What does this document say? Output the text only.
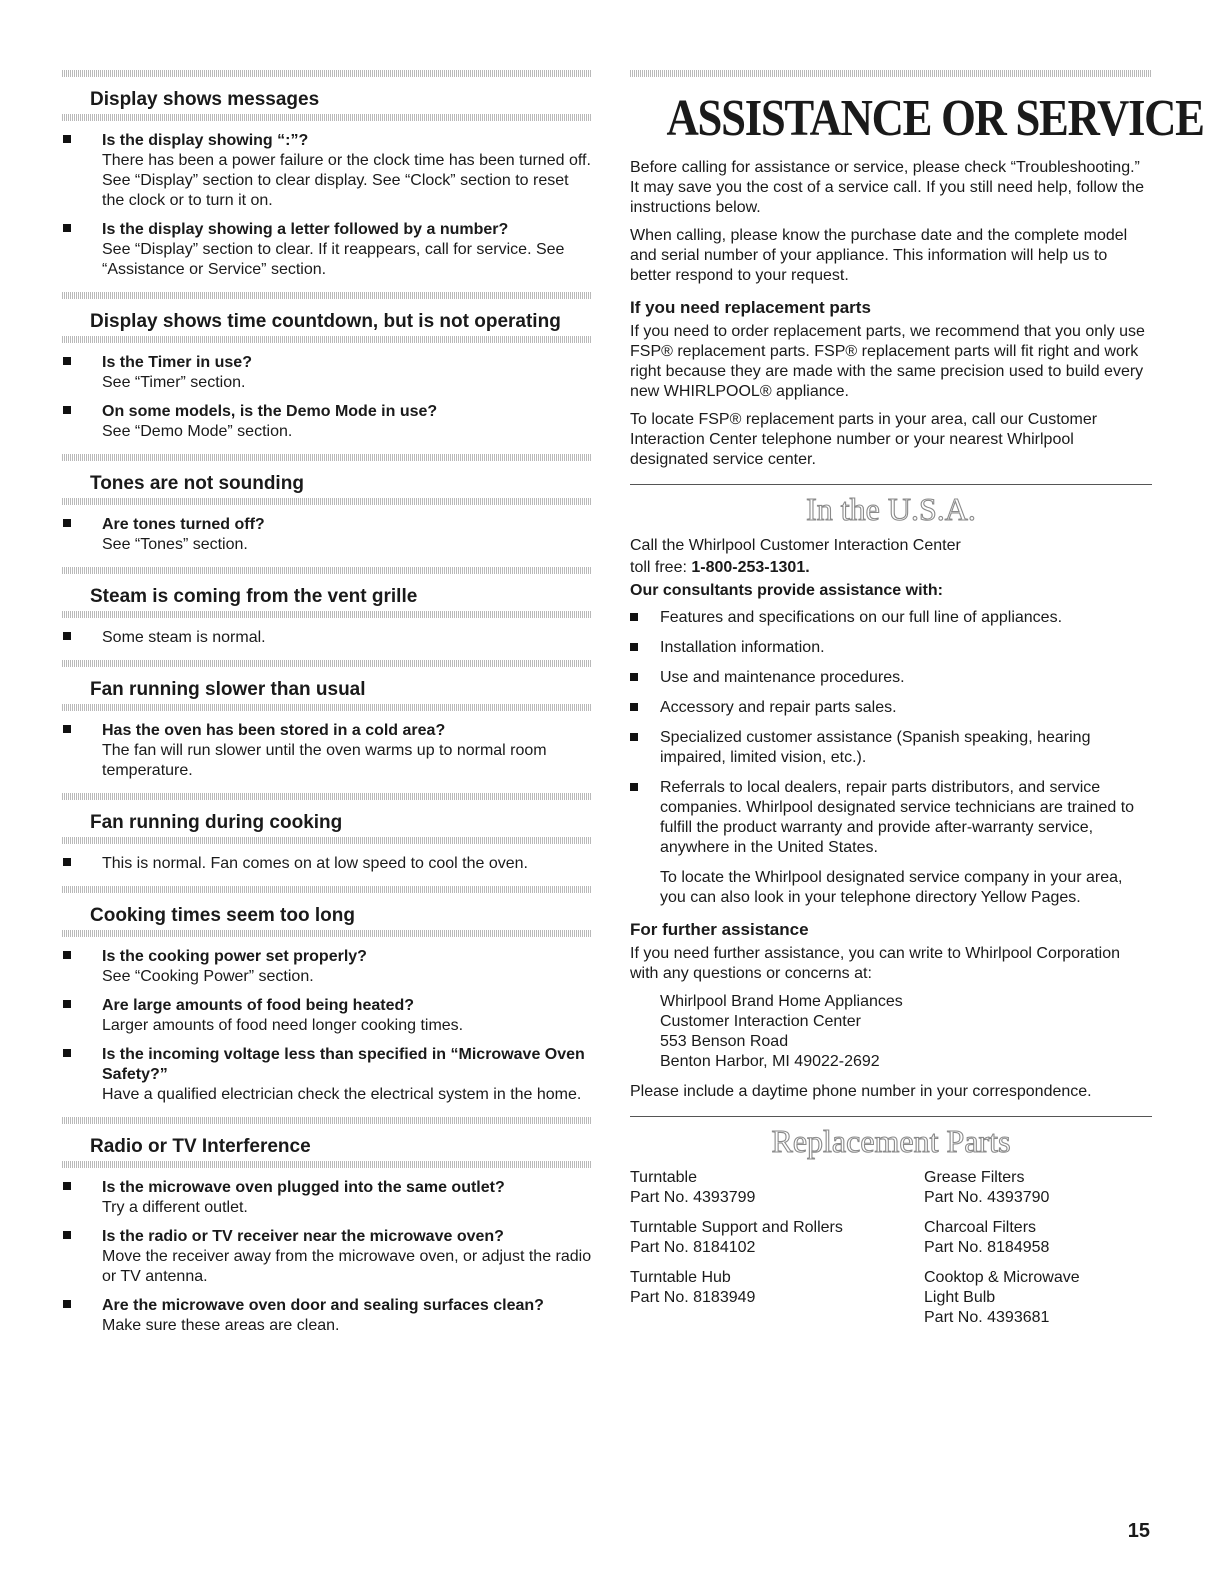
Display shows messages
Is the display showing “:”?
There has been a power failure or the clock time has been turned off. See “Display” section to clear display. See “Clock” section to reset the clock or to turn it on.
Is the display showing a letter followed by a number?
See “Display” section to clear. If it reappears, call for service. See “Assistance or Service” section.
Display shows time countdown, but is not operating
Is the Timer in use?
See “Timer” section.
On some models, is the Demo Mode in use?
See “Demo Mode” section.
Tones are not sounding
Are tones turned off?
See “Tones” section.
Steam is coming from the vent grille
Some steam is normal.
Fan running slower than usual
Has the oven has been stored in a cold area?
The fan will run slower until the oven warms up to normal room temperature.
Fan running during cooking
This is normal. Fan comes on at low speed to cool the oven.
Cooking times seem too long
Is the cooking power set properly?
See “Cooking Power” section.
Are large amounts of food being heated?
Larger amounts of food need longer cooking times.
Is the incoming voltage less than specified in “Microwave Oven Safety?”
Have a qualified electrician check the electrical system in the home.
Radio or TV Interference
Is the microwave oven plugged into the same outlet?
Try a different outlet.
Is the radio or TV receiver near the microwave oven?
Move the receiver away from the microwave oven, or adjust the radio or TV antenna.
Are the microwave oven door and sealing surfaces clean?
Make sure these areas are clean.
ASSISTANCE OR SERVICE

Before calling for assistance or service, please check “Troubleshooting.” It may save you the cost of a service call. If you still need help, follow the instructions below.

When calling, please know the purchase date and the complete model and serial number of your appliance. This information will help us to better respond to your request.

If you need replacement parts

If you need to order replacement parts, we recommend that you only use FSP® replacement parts. FSP® replacement parts will fit right and work right because they are made with the same precision used to build every new WHIRLPOOL® appliance.

To locate FSP® replacement parts in your area, call our Customer Interaction Center telephone number or your nearest Whirlpool designated service center.

In the U.S.A.
Call the Whirlpool Customer Interaction Center
toll free: 1-800-253-1301.
Our consultants provide assistance with:
Features and specifications on our full line of appliances.
Installation information.
Use and maintenance procedures.
Accessory and repair parts sales.
Specialized customer assistance (Spanish speaking, hearing impaired, limited vision, etc.).
Referrals to local dealers, repair parts distributors, and service companies. Whirlpool designated service technicians are trained to fulfill the product warranty and provide after-warranty service, anywhere in the United States.
To locate the Whirlpool designated service company in your area, you can also look in your telephone directory Yellow Pages.
For further assistance

If you need further assistance, you can write to Whirlpool Corporation with any questions or concerns at:

Whirlpool Brand Home Appliances
Customer Interaction Center
553 Benson Road
Benton Harbor, MI 49022-2692

Please include a daytime phone number in your correspondence.

Replacement Parts
Turntable
Part No. 4393799
Grease Filters
Part No. 4393790
Turntable Support and Rollers
Part No. 8184102
Charcoal Filters
Part No. 8184958
Turntable Hub
Part No. 8183949
Cooktop & Microwave
Light Bulb
Part No. 4393681
15
